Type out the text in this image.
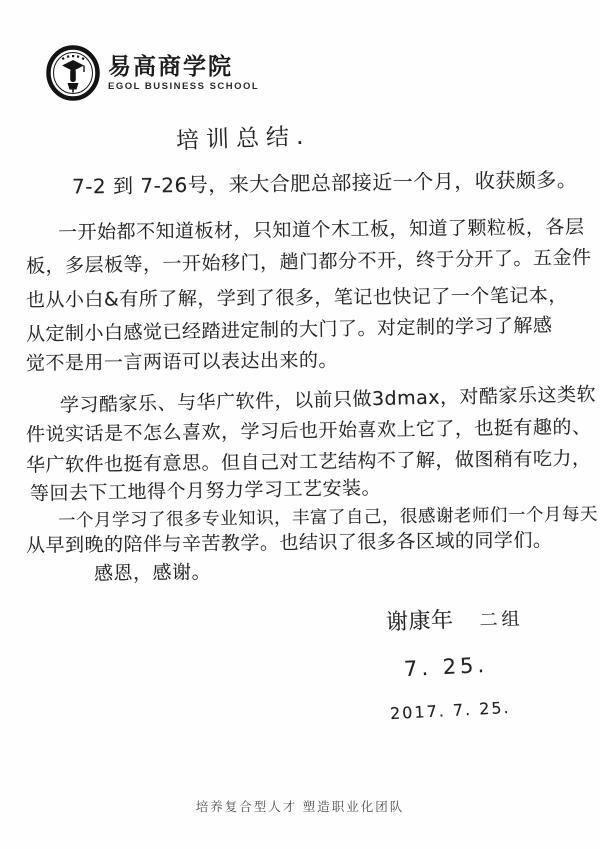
易高商学院
EGOL BUSINESS SCHOOL
培训总结.
7-2 到 7-26号，来大合肥总部接近一个月，收获颇多。
一开始都不知道板材，只知道个木工板，知道了颗粒板，各层
板，多层板等，一开始移门，趟门都分不开，终于分开了。五金件
也从小白&有所了解，学到了很多，笔记也快记了一个笔记本，
从定制小白感觉已经踏进定制的大门了。对定制的学习了解感
觉不是用一言两语可以表达出来的。
学习酷家乐、与华广软件，以前只做3dmax，对酷家乐这类软
件说实话是不怎么喜欢，学习后也开始喜欢上它了，也挺有趣的、
华广软件也挺有意思。但自己对工艺结构不了解，做图稍有吃力，
等回去下工地得个月努力学习工艺安装。
一个月学习了很多专业知识，丰富了自己，很感谢老师们一个月每天
从早到晚的陪伴与辛苦教学。也结识了很多各区域的同学们。
感恩，感谢。
谢康年 二组
7. 25.
2017. 7. 25.
培养复合型人才 塑造职业化团队
